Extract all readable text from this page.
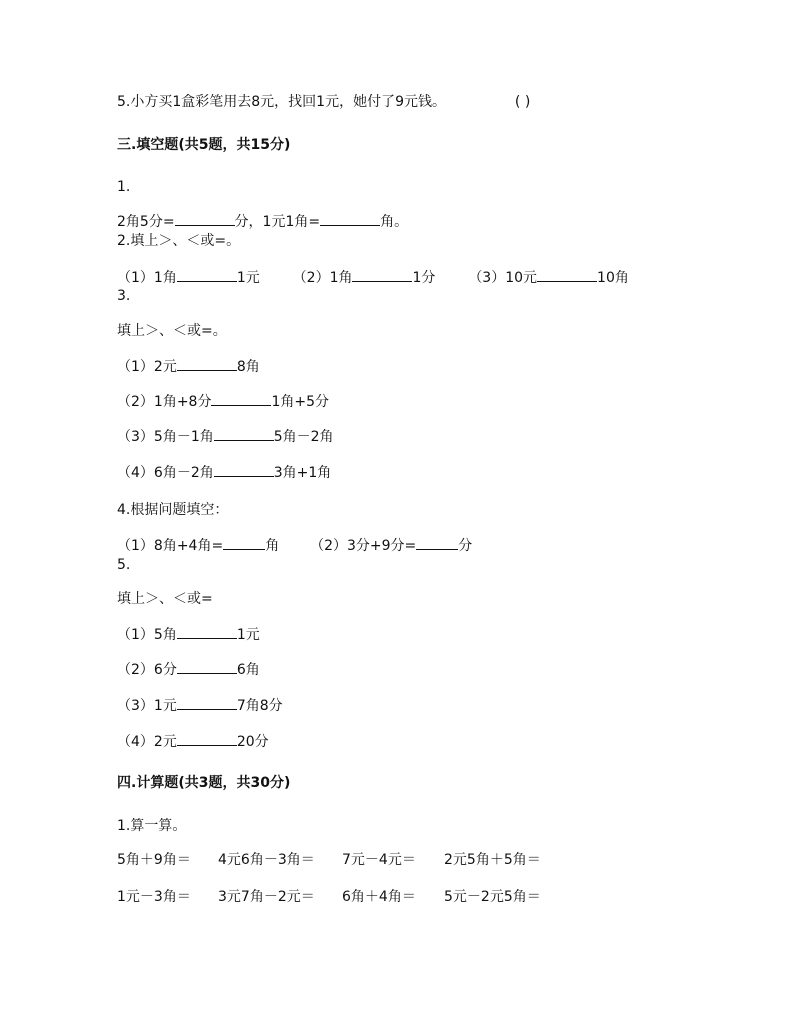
5.小方买1盒彩笔用去8元，找回1元，她付了9元钱。	( )
三.填空题(共5题，共15分)
1.
2角5分=	分，1元1角=	角。
2.填上＞、＜或=。
（1）1角	1元 （2）1角	1分 （3）10元	10角
3.
填上＞、＜或=。
（1）2元	8角
（2）1角+8分	1角+5分
（3）5角－1角	5角－2角
（4）6角－2角	3角+1角
4.根据问题填空：
（1）8角+4角=	角 （2）3分+9分=	分
5.
填上＞、＜或=
（1）5角	1元
（2）6分	6角
（3）1元	7角8分
（4）2元	20分
四.计算题(共3题，共30分)
1.算一算。
5角＋9角＝ 4元6角－3角＝ 7元－4元＝ 2元5角＋5角＝
1元－3角＝ 3元7角－2元＝ 6角＋4角＝ 5元－2元5角＝
